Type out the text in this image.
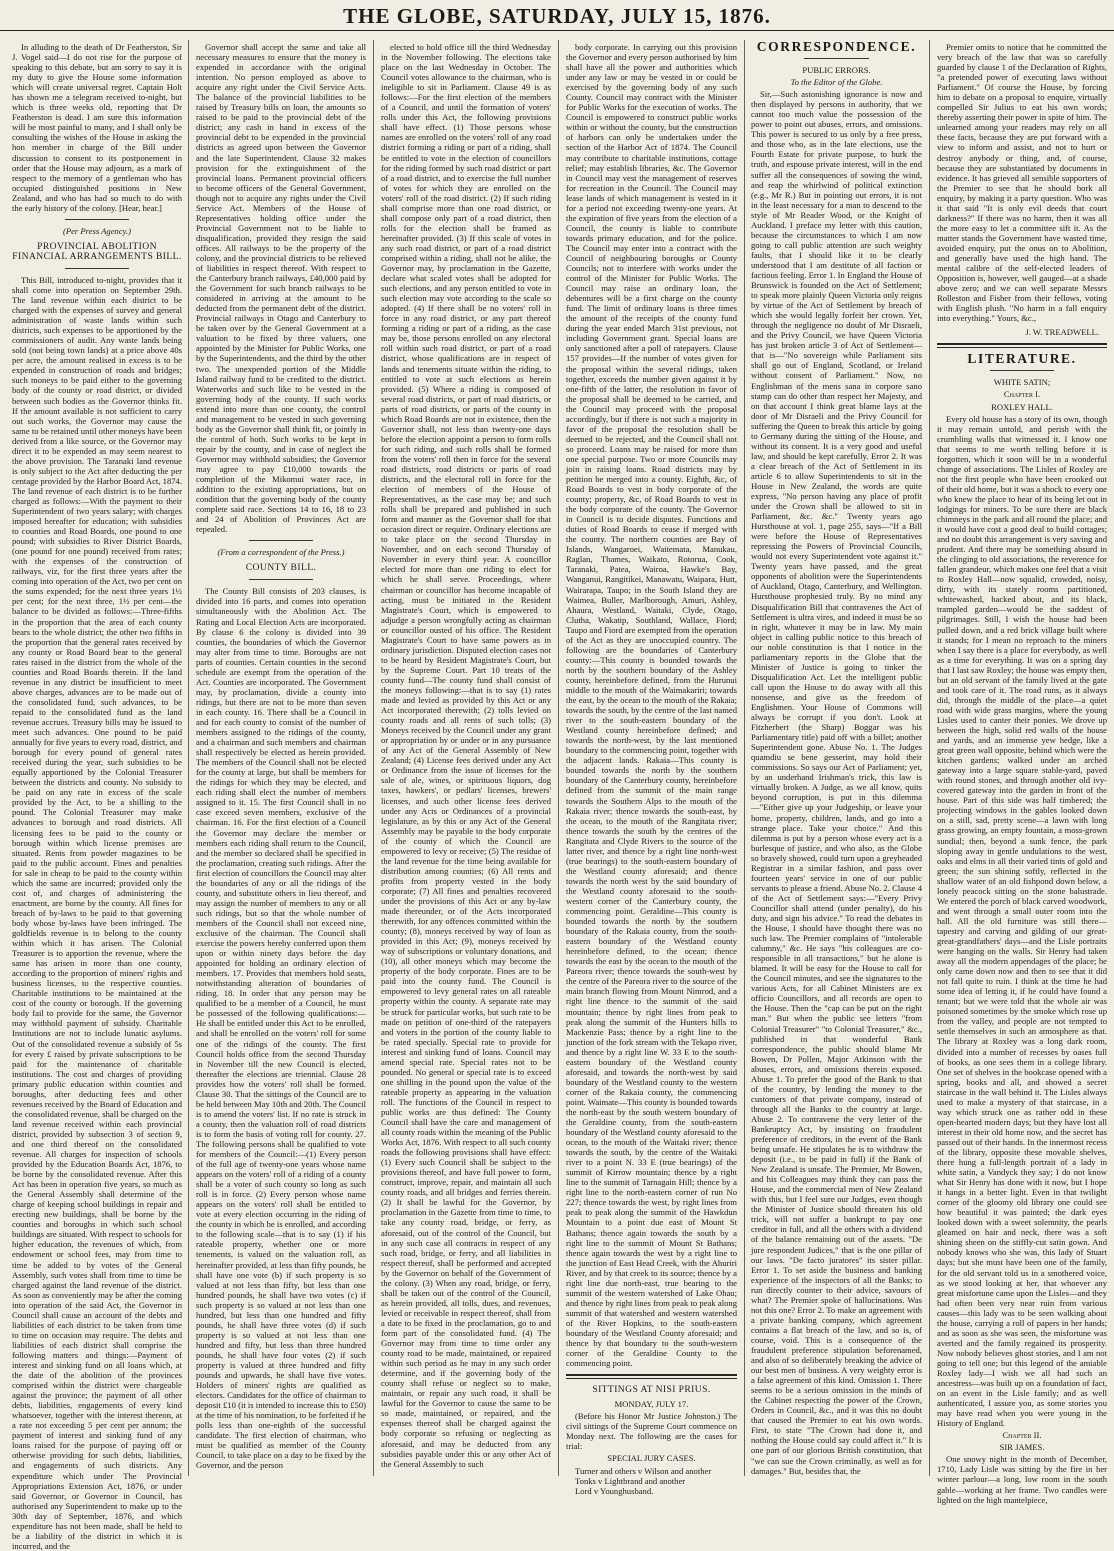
THE GLOBE, SATURDAY, JULY 15, 1876.

In alluding to the death of Dr Featherston, Sir J. Vogel said—I do not rise for the purpose of speaking to this debate, but am sorry to say it is my duty to give the House some information which will create universal regret. Captain Holt has shown me a telegram received to-night, but which is three weeks old, reporting that Dr Featherston is dead. I am sure this information will be most painful to many, and I shall only be consulting the wishes of the House in asking the hon member in charge of the Bill under discussion to consent to its postponement in order that the House may adjourn, as a mark of respect to the memory of a gentleman who has occupied distinguished positions in New Zealand, and who has had so much to do with the early history of the colony. [Hear, hear.]

(Per Press Agency.)

PROVINCIAL ABOLITION FINANCIAL ARRANGEMENTS BILL.

This Bill, introduced to-night, provides that it shall come into operation on September 29th. The land revenue within each district to be charged with the expenses of survey and general administration of waste lands within such districts, such expenses to be apportioned by the commissioners of audit. Any waste lands being sold (not being town lands) at a price above 40s per acre, the amount realised in excess is to be expended in construction of roads and bridges; such moneys to be paid either to the governing body of the county or road district, or divided between such bodies as the Governor thinks fit. If the amount available is not sufficient to carry out such works, the Governor may cause the same to be retained until other moneys have been derived from a like source, or the Governor may direct it to be expended as may seem nearest to the above provision. The Taranaki land revenue is only subject to the Act after deducting the per centage provided by the Harbor Board Act, 1874. The land revenue of each district is to be further charged as follows:—With the payment to their Superintendent of two years salary; with charges imposed hereafter for education; with subsidies to counties and Road Boards, one pound to one pound; with subsidies to River District Boards, (one pound for one pound) received from rates; with the expenses of the construction of railways, viz, for the first three years after the coming into operation of the Act, two per cent on the sums expended; for the next three years 1½ per cent; for the next three, 1½ per cent—the balance to be divided as follows:—Three-fifths in the proportion that the area of each county bears to the whole district; the other two fifths in the proportion that the general rates received by any county or Road Board bear to the general rates raised in the district from the whole of the counties and Road Boards therein. If the land revenue in any district be insufficient to meet above charges, advances are to be made out of the consolidated fund, such advances, to be repaid to the consolidated fund as the land revenue accrues. Treasury bills may be issued to meet such advances. One pound to be paid annually for five years to every road, district, and borough for every pound of general rates received during the year, such subsidies to be equally apportioned by the Colonial Treasurer between the districts and county. No subsidy to be paid on any rate in excess of the scale provided by the Act, to be a shilling to the pound. The Colonial Treasurer may make advances to borough and road districts. All licensing fees to be paid to the county or borough within which license premises are situated. Rents from powder magazines to be paid to the public account. Fines and penalties for sale in cheap to be paid to the county within which the same are incurred; provided only the cost of, and charges of administering the enactment, are borne by the county. All fines for breach of by-laws to be paid to that governing body whose by-laws have been infringed. The goldfields revenue is to belong to the county within which it has arisen. The Colonial Treasurer is to apportion the revenue, where the same has arisen in more than one county, according to the proportion of miners' rights and business licenses, to the respective counties. Charitable institutions to be maintained at the cost of the county or borough. If the governing body fail to provide for the same, the Governor may withhold payment of subsidy. Charitable Institutions are not to include lunatic asylums. Out of the consolidated revenue a subsidy of 5s for every £ raised by private subscriptions to be paid for the maintenance of charitable institutions. The cost and charges of providing primary public education within counties and boroughs, after deducting fees and other revenues received by the Board of Education and the consolidated revenue, shall be charged on the land revenue received within each provincial district, provided by subsection 3 of section 9, and one third thereof on the consolidated revenue. All charges for inspection of schools provided by the Education Boards Act, 1876, to be borne by the consolidated revenue. After this Act has been in operation five years, so much as the General Assembly shall determine of the charge of keeping school buildings in repair and erecting new buildings, shall be borne by the counties and boroughs in which such school buildings are situated. With respect to schools for higher education, the revenues of which, from endowment or school fees, may from time to time be added to by votes of the General Assembly, such votes shall from time to time be charged against the land revenue of the district. As soon as conveniently may be after the coming into operation of the said Act, the Governor in Council shall cause an account of the debts and liabilities of each district to be taken from time to time on occasion may require. The debts and liabilities of each district shall comprise the following matters and things:—Payment of interest and sinking fund on all loans which, at the date of the abolition of the provinces comprised within the district were chargeable against the province; the payment of all other debts, liabilities, engagements of every kind whatsoever, together with the interest thereon, at a rate not exceeding 5 per cent per annum; the payment of interest and sinking fund of any loans raised for the purpose of paying off or otherwise providing for such debts, liabilities, and engagements of such districts. Any expenditure which under The Provincial Appropriations Extension Act, 1876, or under said Governor, or Governor in Council, has authorised any Superintendent to make up to the 30th day of September, 1876, and which expenditure has not been made, shall be held to be a liability of the district in which it is incurred, and the

Governor shall accept the same and take all necessary measures to ensure that the money is expended in accordance with the original intention. No person employed as above to acquire any right under the Civil Service Acts. The balance of the provincial liabilities to be raised by Treasury bills on loan, the amounts so raised to be paid to the provincial debt of the district; any cash in hand in excess of the provincial debt to be expended in the provincial districts as agreed upon between the Governor and the late Superintendent. Clause 32 makes provision for the extinguishment of the provincial loans. Permanent provincial officers to become officers of the General Government, though not to acquire any rights under the Civil Service Act. Members of the House of Representatives holding office under the Provincial Government not to be liable to disqualification, provided they resign the said offices. All railways to be the property of the colony, and the provincial districts to be relieved of liabilities in respect thereof. With respect to the Canterbury branch railways, £40,000 paid by the Government for such branch railways to be considered in arriving at the amount to be deducted from the permanent debt of the district. Provincial railways in Otago and Canterbury to be taken over by the General Government at a valuation to be fixed by three valuers, one appointed by the Minister for Public Works, one by the Superintendents, and the third by the other two. The unexpended portion of the Middle Island railway fund to be credited to the district. Waterworks and such like to be vested in the governing body of the county. If such works extend into more than one county, the control and management to be vested in such governing body as the Governor shall think fit, or jointly in the control of both. Such works to be kept in repair by the county, and in case of neglect the Governor may withhold subsidies; the Governor may agree to pay £10,000 towards the completion of the Mikomui water race, in addition to the existing appropriations, but on condition that the governing body of the county complete said race. Sections 14 to 16, 18 to 23 and 24 of Abolition of Provinces Act are repealed.

(From a correspondent of the Press.)

COUNTY BILL.

The County Bill consists of 203 clauses, is divided into 16 parts, and comes into operation simultaneously with the Abolition Act. The Rating and Local Election Acts are incorporated. By clause 6 the colony is divided into 39 counties, the boundaries of which the Governor may alter from time to time. Boroughs are not parts of counties. Certain counties in the second schedule are exempt from the operation of the Act. Counties are incorporated. The Government may, by proclamation, divide a county into ridings, but there are not to be more than seven in each county. 16. There shall be a Council in and for each county to consist of the number of members assigned to the ridings of the county, and a chairman and such members and chairman shall respectively be elected as herein provided. The members of the Council shall not be elected for the county at large, but shall be members for the ridings for which they may be elected, and each riding shall elect the number of members assigned to it. 15. The first Council shall in no case exceed seven members, exclusive of the chairman. 16. For the first election of a Council the Governor may declare the member or members each riding shall return to the Council, and the member so declared shall be specified in the proclamation, creating such ridings. After the first election of councillors the Council may alter the boundaries of any or all the ridings of the county, and substitute others in lieu thereof, and may assign the number of members to any or all such ridings, but so that the whole number of members of the Council shall not exceed nine, exclusive of the chairman. The Council shall exercise the powers hereby conferred upon them upon or within ninety days before the day appointed for holding an ordinary election of members. 17. Provides that members hold seats, notwithstanding alteration of boundaries of riding. 18. In order that any person may be qualified to be a member of a Council, he must be possessed of the following qualifications:—He shall be entitled under this Act to be enrolled, and shall be enrolled on the voters' roll for some one of the ridings of the county. The first Council holds office from the second Thursday in November till the new Council is elected, thereafter the elections are triennial. Clause 28 provides how the voters' roll shall be formed. Clause 30. That the sittings of the Council are to be held between May 10th and 20th. The Council is to amend the voters' list. If no rate is struck in a county, then the valuation roll of road districts is to form the basis of voting roll for county. 27. The following persons shall be qualified to vote for members of the Council:—(1) Every person of the full age of twenty-one years whose name appears on the voters' roll of a riding of a county shall be a voter of such county so long as such roll is in force. (2) Every person whose name appears on the voters' roll shall be entitled to vote at every election occurring in the riding of the county in which he is enrolled, and according to the following scale—that is to say (1) if his rateable property, whether one or more tenements, is valued on the valuation roll, as hereinafter provided, at less than fifty pounds, he shall have one vote (b) if such property is so valued at not less than fifty, but less than one hundred pounds, he shall have two votes (c) if such property is so valued at not less than one hundred, but less than one hundred and fifty pounds, he shall have three votes (d) if such property is so valued at not less than one hundred and fifty, but less than three hundred pounds, he shall have four votes (2) if such property is valued at three hundred and fifty pounds and upwards, he shall have five votes. Holders of miners' rights are qualified as electors. Candidates for the office of chairman to deposit £10 (it is intended to increase this to £50) at the time of his nomination, to be forfeited if he polls less than one-eighth of the successful candidate. The first election of chairman, who must be qualified as member of the County Council, to take place on a day to be fixed by the Governor, and the person

elected to hold office till the third Wednesday in the November following. The elections take place on the last Wednesday in October. The Council votes allowance to the chairman, who is ineligible to sit in Parliament. Clause 49 is as follows:—For the first election of the members of a Council, and until the formation of voters' rolls under this Act, the following provisions shall have effect. (1) Those persons whose names are enrolled on the voters' roll of any road district forming a riding or part of a riding, shall be entitled to vote in the election of councillors for the riding formed by such road district or part of a road district, and to exercise the full number of votes for which they are enrolled on the voters' roll of the road district. (2) If such riding shall comprise more than one road district, or shall compose only part of a road district, then rolls for the election shall be framed as hereinafter provided. (3) If this scale of votes in any such road district, or part of a road district comprised within a riding, shall not be alike, the Governor may, by proclamation in the Gazette, declare what scaled votes shall be adopted for such elections, and any person entitled to vote in such election may vote according to the scale so adopted. (4) If there shall be no voters' roll in force in any road district, or any part thereof forming a riding or part of a riding, as the case may be, those persons enrolled on any electoral roll within such road district, or part of a road district, whose qualifications are in respect of lands and tenements situate within the riding, to entitled to vote at such elections as herein provided. (5) Where a riding is composed of several road districts, or part of road districts, or parts of road districts, or parts of the county in which Road Boards are not in existence, then the Governor shall, not less than twenty-one days before the election appoint a person to form rolls for such riding, and such rolls shall be formed from the voters' roll then in force for the several road districts, road districts or parts of road districts, and the electoral roll in force for the election of members of the House of Representatives, as the case may be; and such rolls shall be prepared and published in such form and manner as the Governor shall for that occasion direct or require. Ordinary elections are to take place on the second Thursday in November, and on each second Thursday of November in every third year. A councillor elected for more than one riding to elect for which he shall serve. Proceedings, where chairman or councillor has become incapable of acting, must be initiated in the Resident Magistrate's Court, which is empowered to adjudge a person wrongfully acting as chairman or councillor ousted of his office. The Resident Magistrate's Court to have same powers as in ordinary jurisdiction. Disputed election cases not to be heard by Resident Magistrate's Court, but by the Supreme Court. Part 10 treats of the county fund—The county fund shall consist of the moneys following:—that is to say (1) rates made and levied as provided by this Act or any Act incorporated therewith; (2) tolls levied on county roads and all rents of such tolls; (3) Moneys received by the Council under any grant or appropriation by or under or in any pursuance of any Act of the General Assembly of New Zealand; (4) License fees derived under any Act or Ordinance from the issue of licenses for the sale of ale, wines, or spirituous liquors, dog taxes, hawkers', or pedlars' licenses, brewers' licenses, and such other license fees derived under any Acts or Ordinances of a provincial legislature, as by this or any Act of the General Assembly may be payable to the body corporate of the county of which the Council are empowered to levy or receive; (5) The residue of the land revenue for the time being available for distribution among counties; (6) All rents and profits from property vested in the body corporate; (7) All fines and penalties recovered under the provisions of this Act or any by-law made thereunder, or of the Acts incorporated therewith, for any offences committed within the county; (8), moneys received by way of loan as provided in this Act; (9), moneys received by way of subscriptions or voluntary donations, and (10), all other moneys which may become the property of the body corporate. Fines are to be paid into the county fund. The Council is empowered to levy general rates on all rateable property within the county. A separate rate may be struck for particular works, but such rate to be made on petition of one-third of the ratepayers and voters in the portion of the county liable to be rated specially. Special rate to provide for interest and sinking fund of loans. Council may amend special rate. Special rates not to be pounded. No general or special rate is to exceed one shilling in the pound upon the value of the rateable property as appearing in the valuation roll. The functions of the Council in respect to public works are thus defined: The County Council shall have the care and management of all county roads within the meaning of the Public Works Act, 1876. With respect to all such county roads the following provisions shall have effect: (1) Every such Council shall be subject to the provisions thereof, and have full power to form, construct, improve, repair, and maintain all such county roads, and all bridges and ferries therein. (2) It shall be lawful for the Governor, by proclamation in the Gazette from time to time, to take any county road, bridge, or ferry, as aforesaid, out of the control of the Council, but in any such case all contracts in respect of any such road, bridge, or ferry, and all liabilities in respect thereof, shall be performed and accepted by the Governor on behalf of the Government of the colony. (3) When any road, bridge, or ferry, shall be taken out of the control of the Council, as herein provided, all tolls, dues, and revenues, levied or receivable in respect thereof, shall from a date to be fixed in the proclamation, go to and form part of the consolidated fund. (4) The Governor may from time to time order any county road to be made, maintained, or repaired within such period as he may in any such order determine, and if the governing body of the county shall refuse or neglect so to make, maintain, or repair any such road, it shall be lawful for the Governor to cause the same to be so made, maintained, or repaired, and the expenses thereof shall be charged against the body corporate so refusing or neglecting as aforesaid, and may be deducted from any subsidies payable under this or any other Act of the General Assembly to such

body corporate. In carrying out this provision the Governor and every person authorised by him shall have all the power and authorities which under any law or may be vested in or could be exercised by the governing body of any such County. Council may contract with the Minister for Public Works for the execution of works. The Council is empowered to construct public works within or without the county, but the construction of harbors can only be undertaken under the section of the Harbor Act of 1874. The Council may contribute to charitable institutions, cottage relief; may establish libraries, &c. The Governor in Council may vest the management of reserves for recreation in the Council. The Council may lease lands of which management is vested in it for a period not exceeding twenty-one years. At the expiration of five years from the election of a Council, the county is liable to contribute towards primary education, and for the police. The Council may enter into a contract with the Council of neighbouring boroughs or County Councils; not to interfere with works under the control of the Minister for Public Works. The Council may raise an ordinary loan, the debentures will be a first charge on the county fund. The limit of ordinary loans is three times the amount of the receipts of the county fund during the year ended March 31st previous, not including Government grant. Special loans are only sanctioned after a poll of ratepayers. Clause 157 provides—If the number of votes given for the proposal within the several ridings, taken together, exceeds the number given against it by one-fifth of the latter, the resolution in favor of the proposal shall be deemed to be carried, and the Council may proceed with the proposal accordingly, but if there is not such a majority in favor of the proposal the resolution shall be deemed to be rejected, and the Council shall not so proceed. Loans may be raised for more than one special purpose. Two or more Councils may join in raising loans. Road districts may by petition be merged into a county. Eighth, &c, of Road Boards to vest in body corporate of the county; property, &c, of Road Boards to vest in the body corporate of the county. The Governor in Council is to decide disputes. Functions and duties of Road Boards to cease if merged with the county. The northern counties are Bay of Islands, Wangaroei, Waitemata, Manukau, Raglan, Thames, Waikato, Rotorua, Cook, Taranaki, Patea, Wairoa, Hawke's Bay, Wanganui, Rangitikei, Manawatu, Waipara, Hutt, Wairarapa, Taupo; in the South Island they are Waimea, Buller, Marlborough, Amuri, Ashley, Ahaura, Westland, Waitaki, Clyde, Otago, Clutha, Wakatip, Southland, Wallace, Fiord; Taupo and Fiord are exempted from the operation of the Act as they are unoccupied country. The following are the boundaries of Canterbury county:—This county is bounded towards the north by the southern boundary of the Ashley county, hereinbefore defined, from the Hurunui middle to the mouth of the Waimakariri; towards the east, by the ocean to the mouth of the Rakaia; towards the south, by the centre of the last named river to the south-eastern boundary of the Westland county hereinbefore defined; and towards the north-west, by the last mentioned boundary to the commencing point, together with the adjacent lands. Rakaia—This county is bounded towards the north by the southern boundary of the Canterbury county, hereinbefore defined from the summit of the main range towards the Southern Alps to the mouth of the Rakaia river; thence towards the south-east, by the ocean, to the mouth of the Rangitata river; thence towards the south by the centres of the Rangitata and Clyde Rivers to the source of the latter river, and thence by a right line north-west (true bearings) to the south-eastern boundary of the Westland county aforesaid; and thence towards the north west by the said boundary of the Westland county aforesaid to the south-western corner of the Canterbury county, the commencing point. Geraldine—This county is bounded towards the north by the southern boundary of the Rakaia county, from the south-eastern boundary of the Westland county hereinbefore defined, to the ocean; thence towards the east by the ocean to the mouth of the Pareora river; thence towards the south-west by the centre of the Pareora river to the source of the main branch flowing from Mount Nimrod, and a right line thence to the summit of the said mountain; thence by right lines from peak to peak along the summit of the Hunters hills to Mackenzie Pass; thence by a right line to the junction of the fork stream with the Tekapo river, and thence by a right line W. 33 E to the south-eastern boundary of the Westland county aforesaid, and towards the north-west by said boundary of the Westland county to the western corner of the Rakaia county, the commencing point. Waimate—This county is bounded towards the north-east by the south western boundary of the Geraldine county, from the south-eastern boundary of the Westland county aforesaid to the ocean, to the mouth of the Waitaki river; thence towards the south, by the centre of the Waitaki river to a point N. 33 E (true bearings) of the summit of Kirrow mountain; thence by a right line to the summit of Tarnagain Hill; thence by a right line to the north-eastern corner of run No 227; thence towards the west, by right lines from peak to peak along the summit of the Hawkdun Mountain to a point due east of Mount St Bathans; thence again towards the south by a right line to the summit of Mount St Bathans; thence again towards the west by a right line to the junction of East Head Creek, with the Ahuriri River, and by that creek to its source; thence by a right line due north-east, true bearing to the summit of the western watershed of Lake Ohau; and thence by right lines from peak to peak along summit of that watershed and western watershed of the River Hopkins, to the south-eastern boundary of the Westland County aforesaid; and thence by that boundary to the south-western corner of the Geraldine County to the commencing point.

SITTINGS AT NISI PRIUS.

MONDAY, JULY 17.

(Before his Honor Mr Justice Johnston.) The civil sittings of the Supreme Court commence on Monday next. The following are the cases for trial:

SPECIAL JURY CASES.

Turner and others v Wilson and another

Tonks v Lightbrand and another

Lord v Younghusband.

CORRESPONDENCE.

PUBLIC ERRORS.

To the Editor of the Globe.

Sir,—Such astonishing ignorance is now and then displayed by persons in authority, that we cannot too much value the possession of the power to point out abuses, errors, and omissions. This power is secured to us only by a free press, and those who, as in the late elections, use the Fourth Estate for private purpose, to burk the truth, and espouse private interest, will in the end suffer all the consequences of sowing the wind, and reap the whirlwind of political extinction (e.g., Mr R.) But in pointing out errors, it is not in the least necessary for a man to descend to the style of Mr Reader Wood, or the Knight of Auckland. I preface my letter with this caution, because the circumstances to which I am now going to call public attention are such weighty faults, that I should like it to be clearly understood that I am destitute of all faction or factious feeling. Error 1. In England the House of Brunswick is founded on the Act of Settlement; to speak more plainly Queen Victoria only reigns by virtue of the Act of Settlement by breach of which she would legally forfeit her crown. Yet, through the negligence no doubt of Mr Disraeli, and the Privy Council, we have Queen Victoria has just broken article 3 of Act of Settlement—that is—"No sovereign while Parliament sits shall go out of England, Scotland, or Ireland without consent of Parliament." Now, no Englishman of the mens sana in corpore sano stamp can do other than respect her Majesty, and on that account I think great blame lays at the door of Mr Disraeli and the Privy Council for suffering the Queen to break this article by going to Germany during the sitting of the House, and without its consent. It is a very good and useful law, and should be kept carefully. Error 2. It was a clear breach of the Act of Settlement in its article 6 to allow Superintendents to sit in the House in New Zealand, the words are quite express, "No person having any place of profit under the Crown shall be allowed to sit in Parliament, &c. &c." Twenty years ago Hursthouse at vol. 1, page 255, says—"If a Bill were before the House of Representatives repressing the Powers of Provincial Councils, would not every Superintendent vote against it." Twenty years have passed, and the great opponents of abolition were the Superintendents of Auckland, Otago, Canterbury, and Wellington. Hursthouse prophesied truly. By no mind any Disqualification Bill that contravenes the Act of Settlement is ultra vires, and indeed it must be so in right, whatever it may be in law. My main object in calling public notice to this breach of our noble constitution is that I notice in the parliamentary reports in the Globe that the Minister of Justice is going to tinker the Disqualification Act. Let the intelligent public call upon the House to do away with all this nonsense, and give us the freedom of Englishmen. Your House of Commons will always be corrupt if you don't. Look at Fitzherbert (the Sharp) Boggar was his Parliamentary title) paid off with a billet; another Superintendent gone. Abuse No. 1. The Judges quamdiu se bene gesserint, may hold their commissions. So says our Act of Parliament; yet, by an underhand Irishman's trick, this law is virtually broken. A Judge, as we all know, quits beyond corruption, is put in this dilemma—"Either give up your Judgeship, or leave your home, property, children, lands, and go into a strange place. Take your choice." And this dilemma is put by a person whose every act is a burlesque of justice, and who also, as the Globe so bravely showed, could turn upon a greyheaded Registrar in a similar fashion, and pass over fourteen years' service in one of our public servants to please a friend. Abuse No. 2. Clause 4 of the Act of Settlement says:—"Every Privy Councillor shall attend (under penalty), do his duty, and sign his advice." To read the debates in the House, I should have thought there was no such law. The Premier complains of "intolerable calumny," &c. He says "his colleagues are co-responsible in all transactions," but he alone is blamed. It will be easy for the House to call for the Council minutes, and see the signatures to the various Acts, for all Cabinet Ministers are ex officio Councillors, and all records are open to the House. Then the "cap can be put on the right man." But when the public see letters "from Colonial Treasurer" "to Colonial Treasurer," &c., published in that wonderful Bank correspondence, the public should blame Mr Bowen, Dr Pollen, Major Atkinson with the abuses, errors, and omissions therein exposed. Abuse 1. To prefer the good of the Bank to that of the country, by lending the money to the customers of that private company, instead of through all the Banks to the country at large. Abuse 2. To contravene the very letter of the Bankruptcy Act, by insisting on fraudulent preference of creditors, in the event of the Bank being unsafe. He stipulates he is to withdraw the deposit (i.e., to be paid in full) if the Bank of New Zealand is unsafe. The Premier, Mr Bowen, and his Colleagues may think they can pass the House, and the commercial men of New Zealand with this, but I feel sure our Judges, even though the Minister of Justice should threaten his old trick, will not suffer a bankrupt to pay one creditor in full, and all the others with a dividend of the balance remaining out of the assets. "De jure respondent Judices," that is the one pillar of our laws. "De facto juratores" its sister pillar. Error 1. To set aside the business and banking experience of the inspectors of all the Banks; to run directly counter to their advice, savours of what? The Premier spoke of hallucinations. Was not this one? Error 2. To make an agreement with a private banking company, which agreement contains a flat breach of the law, and so is, of course, void. This is a consequence of the fraudulent preference stipulation beforenamed, and also of so deliberately breaking the advice of our best men of business. A very weighty error is a false agreement of this kind. Omission 1. There seems to be a serious omission in the minds of the Cabinet respecting the power of the Crown, Orders in Council, &c., and it was this no doubt that caused the Premier to eat his own words. First, to state "The Crown had done it, and nothing the House could say could affect it." It is one part of our glorious British constitution, that "we can sue the Crown criminally, as well as for damages." But, besides that, the

Premier omits to notice that he committed the very breach of the law that was so carefully guarded by clause 1 of the Declaration of Rights, "a pretended power of executing laws without Parliament." Of course the House, by forcing him to debate on a proposal to enquire, virtually compelled Sir Julius to eat his own words; thereby asserting their power in spite of him. The unlearned among your readers may rely on all these facts, because they are put forward with a view to inform and assist, and not to hurt or destroy anybody or thing, and, of course, because they are substantiated by documents in evidence. It has grieved all sensible supporters of the Premier to see that he should bork all enquiry, by making it a party question. Who was it that said "It is only evil deeds that court darkness?" If there was no harm, then it was all the more easy to let a committee sift it. As the matter stands the Government have wasted time, avoided enquiry, put the onus on to Abolition, and generally have used the high hand. The mental calibre of the self-elected leaders of Opposition is, however, well gauged—at a shade above zero; and we can well separate Messrs Rolleston and Fisher from their fellows, voting with English plush. "No harm in a fall enquiry into everything." Yours, &c.,

J. W. TREADWELL.

LITERATURE.

WHITE SATIN;

Chapter I.

ROXLEY HALL.

Every old house has a story of its own, though it may remain untold, and perish with the crumbling walls that witnessed it. I know one that seems to me worth telling before it is forgotten, which it soon will be in a wonderful change of associations. The Lisles of Roxley are not the first people who have been crooked out of their old home, but it was a shock to every one who knew the place to hear of its being let out in lodgings for miners. To be sure there are black chimneys in the park and all round the place; and it would have cost a good deal to build cottages; and no doubt this arrangement is very saving and prudent. And there may be something absurd in the clinging to old associations, the reverence for fallen grandeur, which makes one feel that a visit to Roxley Hall—now squalid, crowded, noisy, dirty, with its stately rooms partitioned, whitewashed, hacked about, and its black, trampled garden—would be the saddest of pilgrimages. Still, I wish the house had been pulled down, and a red brick village built where it stands; for I mean no reproach to the miners when I say there is a place for everybody, as well as a time for everything. It was on a spring day that I last saw Roxley; the house was empty then, but an old servant of the family lived at the gate and took care of it. The road runs, as it always did, through the middle of the place—a quiet road with wide grass margins, where the young Lisles used to canter their ponies. We drove up between the high, solid red walls of the house and yards, and an immense yew hedge, like a great green wall opposite, behind which were the kitchen gardens; walked under an arched gateway into a large square stable-yard, paved with round stones, and through another old ivy-covered gateway into the garden in front of the house. Part of this side was half timbered; the projecting windows in the gables looked down on a still, sad, pretty scene—a lawn with long grass growing, an empty fountain, a moss-grown sundial; then, beyond a sunk fence, the park sloping away in gentle undulations to the west, oaks and elms in all their varied tints of gold and green; the sun shining softly, reflected in the shallow water of an old fishpond down below, a lonely peacock sitting on the stone balustrade. We entered the porch of black carved woodwork, and went through a small outer room into the hall. All the old furniture was still there—tapestry and carving and gilding of our great-great-grandfathers' days—and the Lisle portraits were hanging on the walls. Sir Henry had taken away all the modern appendages of the place; he only came down now and then to see that it did not fall quite to ruin. I think at the time he had some idea of letting it, if he could have found a tenant; but we were told that the whole air was poisoned sometimes by the smoke which rose up from the valley, and people are not tempted to settle themselves in such an atmosphere as that. The library at Roxley was a long dark room, divided into a number of recesses by oases full of books, as one sees them in a college library. One set of shelves in the bookcase opened with a spring, books and all, and showed a secret staircase in the wall behind it. The Lisles always used to make a mystery of that staircase, in a way which struck one as rather odd in these open-hearted modern days; but they have lost all interest in their old home now, and the secret has passed out of their hands. In the innermost recess of the library, opposite these movable shelves, there hung a full-length portrait of a lady in white satin, a Vandyck they say; I do not know what Sir Henry has done with it now, but I hope it hangs in a better light. Even in that twilight corner of the gloomy old library one could see how beautiful it was painted; the dark eyes looked down with a sweet solemnity, the pearls gleamed on hair and neck, there was a soft shining sheen on the stiffly-cut satin gown. And nobody knows who she was, this lady of Stuart days; but she must have been one of the family, for the old servant told us in a smothered voice, as we stood looking at her, that whoever any great misfortune came upon the Lisles—and they had often been very near ruin from various causes—this lady was to be seen walking about the house, carrying a roll of papers in her hands; and as soon as she was seen, the misfortune was averted and the family regained its prosperity. Now nobody believes ghost stories, and I am not going to tell one; but this legend of the amiable Roxley lady—I wish we all had such an ancestress—was built up on a foundation of fact, on an event in the Lisle family; and as well authenticated, I assure you, as some stories you may have read when you were young in the History of England.

Chapter II.

SIR JAMES.

One snowy night in the month of December, 1710, Lady Lisle was sitting by the fire in her winter parlour—a long, low room in the south gable—working at her frame. Two candles were lighted on the high mantelpiece,
